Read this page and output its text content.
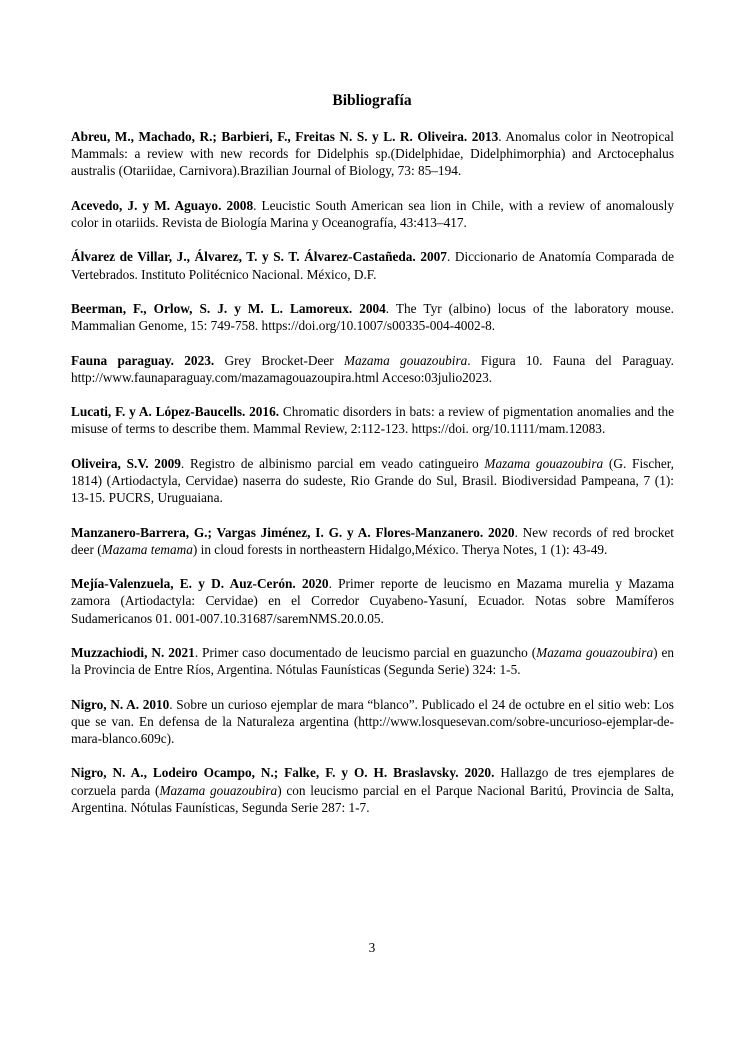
Bibliografía

Abreu, M., Machado, R.; Barbieri, F., Freitas N. S. y L. R. Oliveira. 2013. Anomalus color in Neotropical Mammals: a review with new records for Didelphis sp.(Didelphidae, Didelphimorphia) and Arctocephalus australis (Otariidae, Carnivora).Brazilian Journal of Biology, 73: 85–194.

Acevedo, J. y M. Aguayo. 2008. Leucistic South American sea lion in Chile, with a review of anomalously color in otariids. Revista de Biología Marina y Oceanografía, 43:413–417.

Álvarez de Villar, J., Álvarez, T. y S. T. Álvarez-Castañeda. 2007. Diccionario de Anatomía Comparada de Vertebrados. Instituto Politécnico Nacional. México, D.F.

Beerman, F., Orlow, S. J. y M. L. Lamoreux. 2004. The Tyr (albino) locus of the laboratory mouse. Mammalian Genome, 15: 749-758. https://doi.org/10.1007/s00335-004-4002-8.

Fauna paraguay. 2023. Grey Brocket-Deer Mazama gouazoubira. Figura 10. Fauna del Paraguay. http://www.faunaparaguay.com/mazamagouazoupira.html Acceso:03julio2023.

Lucati, F. y A. López-Baucells. 2016. Chromatic disorders in bats: a review of pigmentation anomalies and the misuse of terms to describe them. Mammal Review, 2:112-123. https://doi. org/10.1111/mam.12083.

Oliveira, S.V. 2009. Registro de albinismo parcial em veado catingueiro Mazama gouazoubira (G. Fischer, 1814) (Artiodactyla, Cervidae) naserra do sudeste, Rio Grande do Sul, Brasil. Biodiversidad Pampeana, 7 (1): 13-15. PUCRS, Uruguaiana.

Manzanero-Barrera, G.; Vargas Jiménez, I. G. y A. Flores-Manzanero. 2020. New records of red brocket deer (Mazama temama) in cloud forests in northeastern Hidalgo,México. Therya Notes, 1 (1): 43-49.

Mejía-Valenzuela, E. y D. Auz-Cerón. 2020. Primer reporte de leucismo en Mazama murelia y Mazama zamora (Artiodactyla: Cervidae) en el Corredor Cuyabeno-Yasuní, Ecuador. Notas sobre Mamíferos Sudamericanos 01. 001-007.10.31687/saremNMS.20.0.05.

Muzzachiodi, N. 2021. Primer caso documentado de leucismo parcial en guazuncho (Mazama gouazoubira) en la Provincia de Entre Ríos, Argentina. Nótulas Faunísticas (Segunda Serie) 324: 1-5.

Nigro, N. A. 2010. Sobre un curioso ejemplar de mara “blanco”. Publicado el 24 de octubre en el sitio web: Los que se van. En defensa de la Naturaleza argentina (http://www.losquesevan.com/sobre-uncurioso-ejemplar-de-mara-blanco.609c).

Nigro, N. A., Lodeiro Ocampo, N.; Falke, F. y O. H. Braslavsky. 2020. Hallazgo de tres ejemplares de corzuela parda (Mazama gouazoubira) con leucismo parcial en el Parque Nacional Baritú, Provincia de Salta, Argentina. Nótulas Faunísticas, Segunda Serie 287: 1-7.

3
